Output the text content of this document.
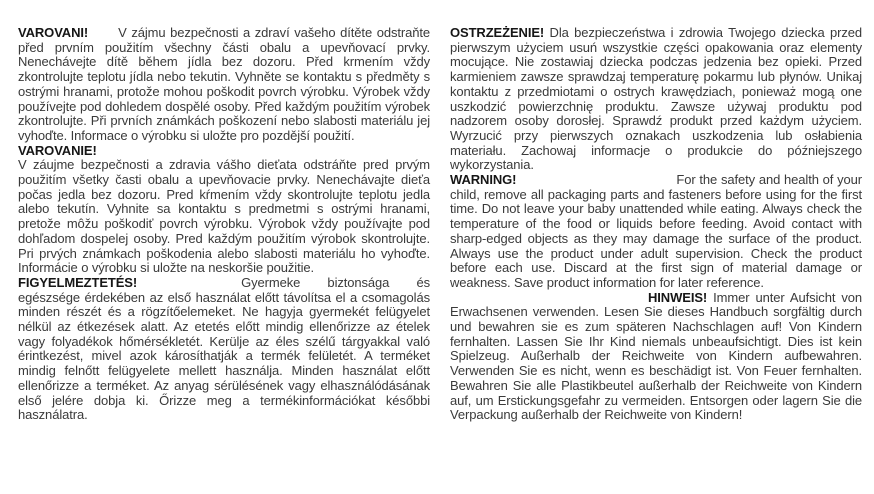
VAROVANI! V zájmu bezpečnosti a zdraví vašeho dítěte odstraňte před prvním použitím všechny části obalu a upevňovací prvky. Nenechávejte dítě během jídla bez dozoru. Před krmením vždy zkontrolujte teplotu jídla nebo tekutin. Vyhněte se kontaktu s předměty s ostrými hranami, protože mohou poškodit povrch výrobku. Výrobek vždy používejte pod dohledem dospělé osoby. Před každým použitím výrobek zkontrolujte. Při prvních známkách poškození nebo slabosti materiálu jej vyhoďte. Informace o výrobku si uložte pro pozdější použití.

VAROVANIE!
V záujme bezpečnosti a zdravia vášho dieťata odstráňte pred prvým použitím všetky časti obalu a upevňovacie prvky. Nenechávajte dieťa počas jedla bez dozoru. Pred kŕmením vždy skontrolujte teplotu jedla alebo tekutín. Vyhnite sa kontaktu s predmetmi s ostrými hranami, pretože môžu poškodiť povrch výrobku. Výrobok vždy používajte pod dohľadom dospelej osoby. Pred každým použitím výrobok skontrolujte. Pri prvých známkach poškodenia alebo slabosti materiálu ho vyhoďte. Informácie o výrobku si uložte na neskoršie použitie.

FIGYELMEZTETÉS!	Gyermeke biztonsága és egészsége érdekében az első használat előtt távolítsa el a csomagolás minden részét és a rögzítőelemeket. Ne hagyja gyermekét felügyelet nélkül az étkezések alatt. Az etetés előtt mindig ellenőrizze az ételek vagy folyadékok hőmérsékletét. Kerülje az éles szélű tárgyakkal való érintkezést, mivel azok károsíthatják a termék felületét. A terméket mindig felnőtt felügyelete mellett használja. Minden használat előtt ellenőrizze a terméket. Az anyag sérülésének vagy elhasználódásának első jelére dobja ki. Őrizze meg a termékinformációkat későbbi használatra.

OSTRZEŻENIE! Dla bezpieczeństwa i zdrowia Twojego dziecka przed pierwszym użyciem usuń wszystkie części opakowania oraz elementy mocujące. Nie zostawiaj dziecka podczas jedzenia bez opieki. Przed karmieniem zawsze sprawdzaj temperaturę pokarmu lub płynów. Unikaj kontaktu z przedmiotami o ostrych krawędziach, ponieważ mogą one uszkodzić powierzchnię produktu. Zawsze używaj produktu pod nadzorem osoby dorosłej. Sprawdź produkt przed każdym użyciem. Wyrzucić przy pierwszych oznakach uszkodzenia lub osłabienia materiału. Zachowaj informacje o produkcie do późniejszego wykorzystania.

WARNING!	For the safety and health of your child, remove all packaging parts and fasteners before using for the first time. Do not leave your baby unattended while eating. Always check the temperature of the food or liquids before feeding. Avoid contact with sharp-edged objects as they may damage the surface of the product. Always use the product under adult supervision. Check the product before each use. Discard at the first sign of material damage or weakness. Save product information for later reference.

HINWEIS! Immer unter Aufsicht von Erwachsenen verwenden. Lesen Sie dieses Handbuch sorgfältig durch und bewahren sie es zum späteren Nachschlagen auf! Von Kindern fernhalten. Lassen Sie Ihr Kind niemals unbeaufsichtigt. Dies ist kein Spielzeug. Außerhalb der Reichweite von Kindern aufbewahren. Verwenden Sie es nicht, wenn es beschädigt ist. Von Feuer fernhalten. Bewahren Sie alle Plastikbeutel außerhalb der Reichweite von Kindern auf, um Erstickungsgefahr zu vermeiden. Entsorgen oder lagern Sie die Verpackung außerhalb der Reichweite von Kindern!
